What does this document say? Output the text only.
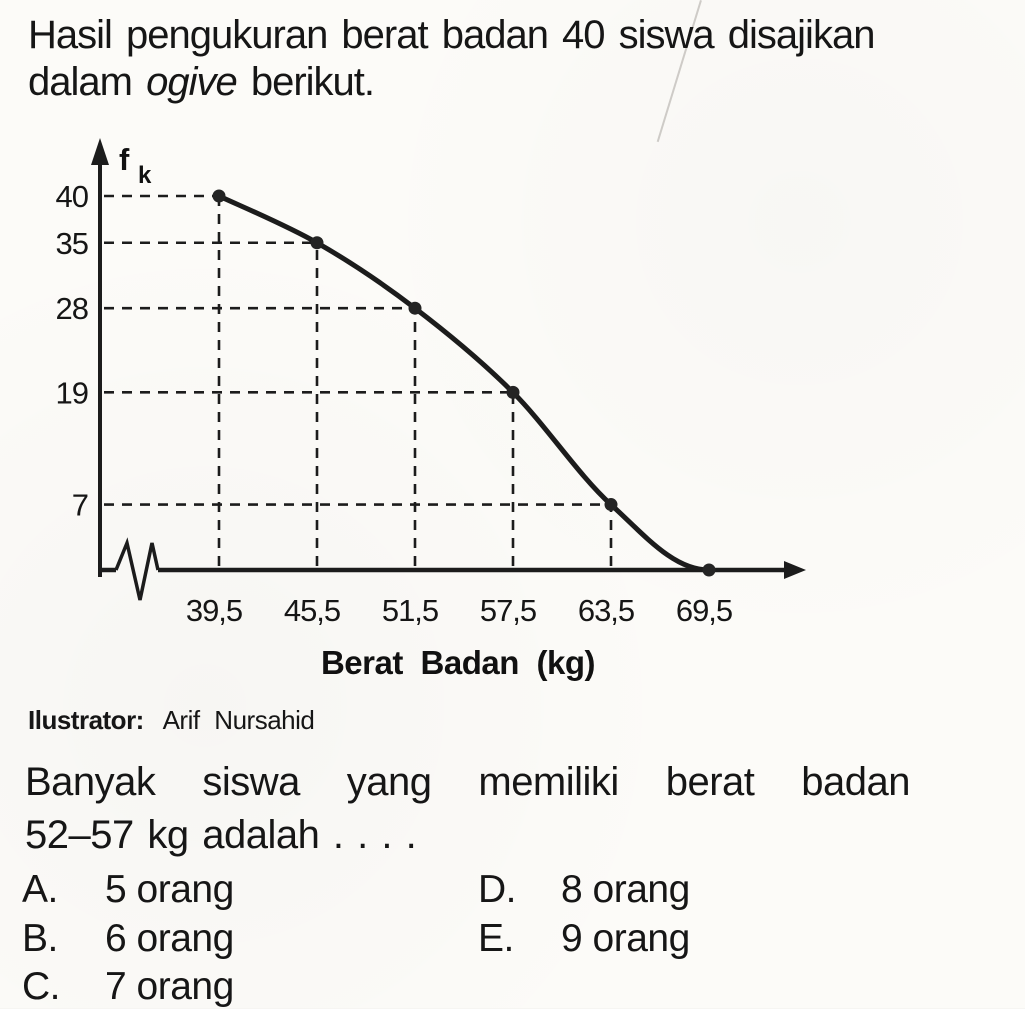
40
35
28
19
7
39,5 45,5 51,5 57,5 63,5 69,5
f k
Berat Badan (kg)
Hasil pengukuran berat badan 40 siswa disajikan
dalam ogive berikut.
Ilustrator: Arif Nursahid
Banyak siswa yang memiliki berat badan
52–57 kg adalah . . . .
A. 5 orang
B. 6 orang
C. 7 orang
D. 8 orang
E. 9 orang
